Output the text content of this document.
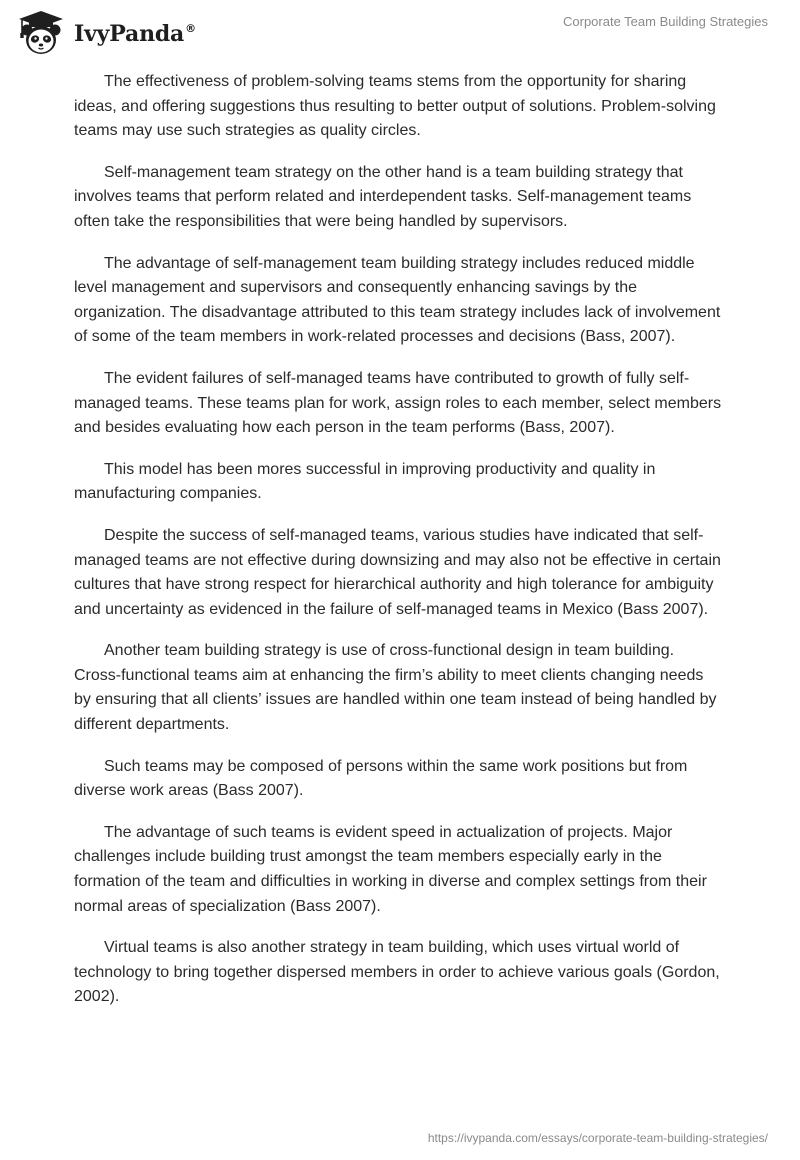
IvyPanda®	Corporate Team Building Strategies

The effectiveness of problem-solving teams stems from the opportunity for sharing ideas, and offering suggestions thus resulting to better output of solutions. Problem-solving teams may use such strategies as quality circles.

Self-management team strategy on the other hand is a team building strategy that involves teams that perform related and interdependent tasks. Self-management teams often take the responsibilities that were being handled by supervisors.

The advantage of self-management team building strategy includes reduced middle level management and supervisors and consequently enhancing savings by the organization. The disadvantage attributed to this team strategy includes lack of involvement of some of the team members in work-related processes and decisions (Bass, 2007).

The evident failures of self-managed teams have contributed to growth of fully self-managed teams. These teams plan for work, assign roles to each member, select members and besides evaluating how each person in the team performs (Bass, 2007).

This model has been mores successful in improving productivity and quality in manufacturing companies.

Despite the success of self-managed teams, various studies have indicated that self-managed teams are not effective during downsizing and may also not be effective in certain cultures that have strong respect for hierarchical authority and high tolerance for ambiguity and uncertainty as evidenced in the failure of self-managed teams in Mexico (Bass 2007).

Another team building strategy is use of cross-functional design in team building. Cross-functional teams aim at enhancing the firm’s ability to meet clients changing needs by ensuring that all clients’ issues are handled within one team instead of being handled by different departments.

Such teams may be composed of persons within the same work positions but from diverse work areas (Bass 2007).

The advantage of such teams is evident speed in actualization of projects. Major challenges include building trust amongst the team members especially early in the formation of the team and difficulties in working in diverse and complex settings from their normal areas of specialization (Bass 2007).

Virtual teams is also another strategy in team building, which uses virtual world of technology to bring together dispersed members in order to achieve various goals (Gordon, 2002).

https://ivypanda.com/essays/corporate-team-building-strategies/
